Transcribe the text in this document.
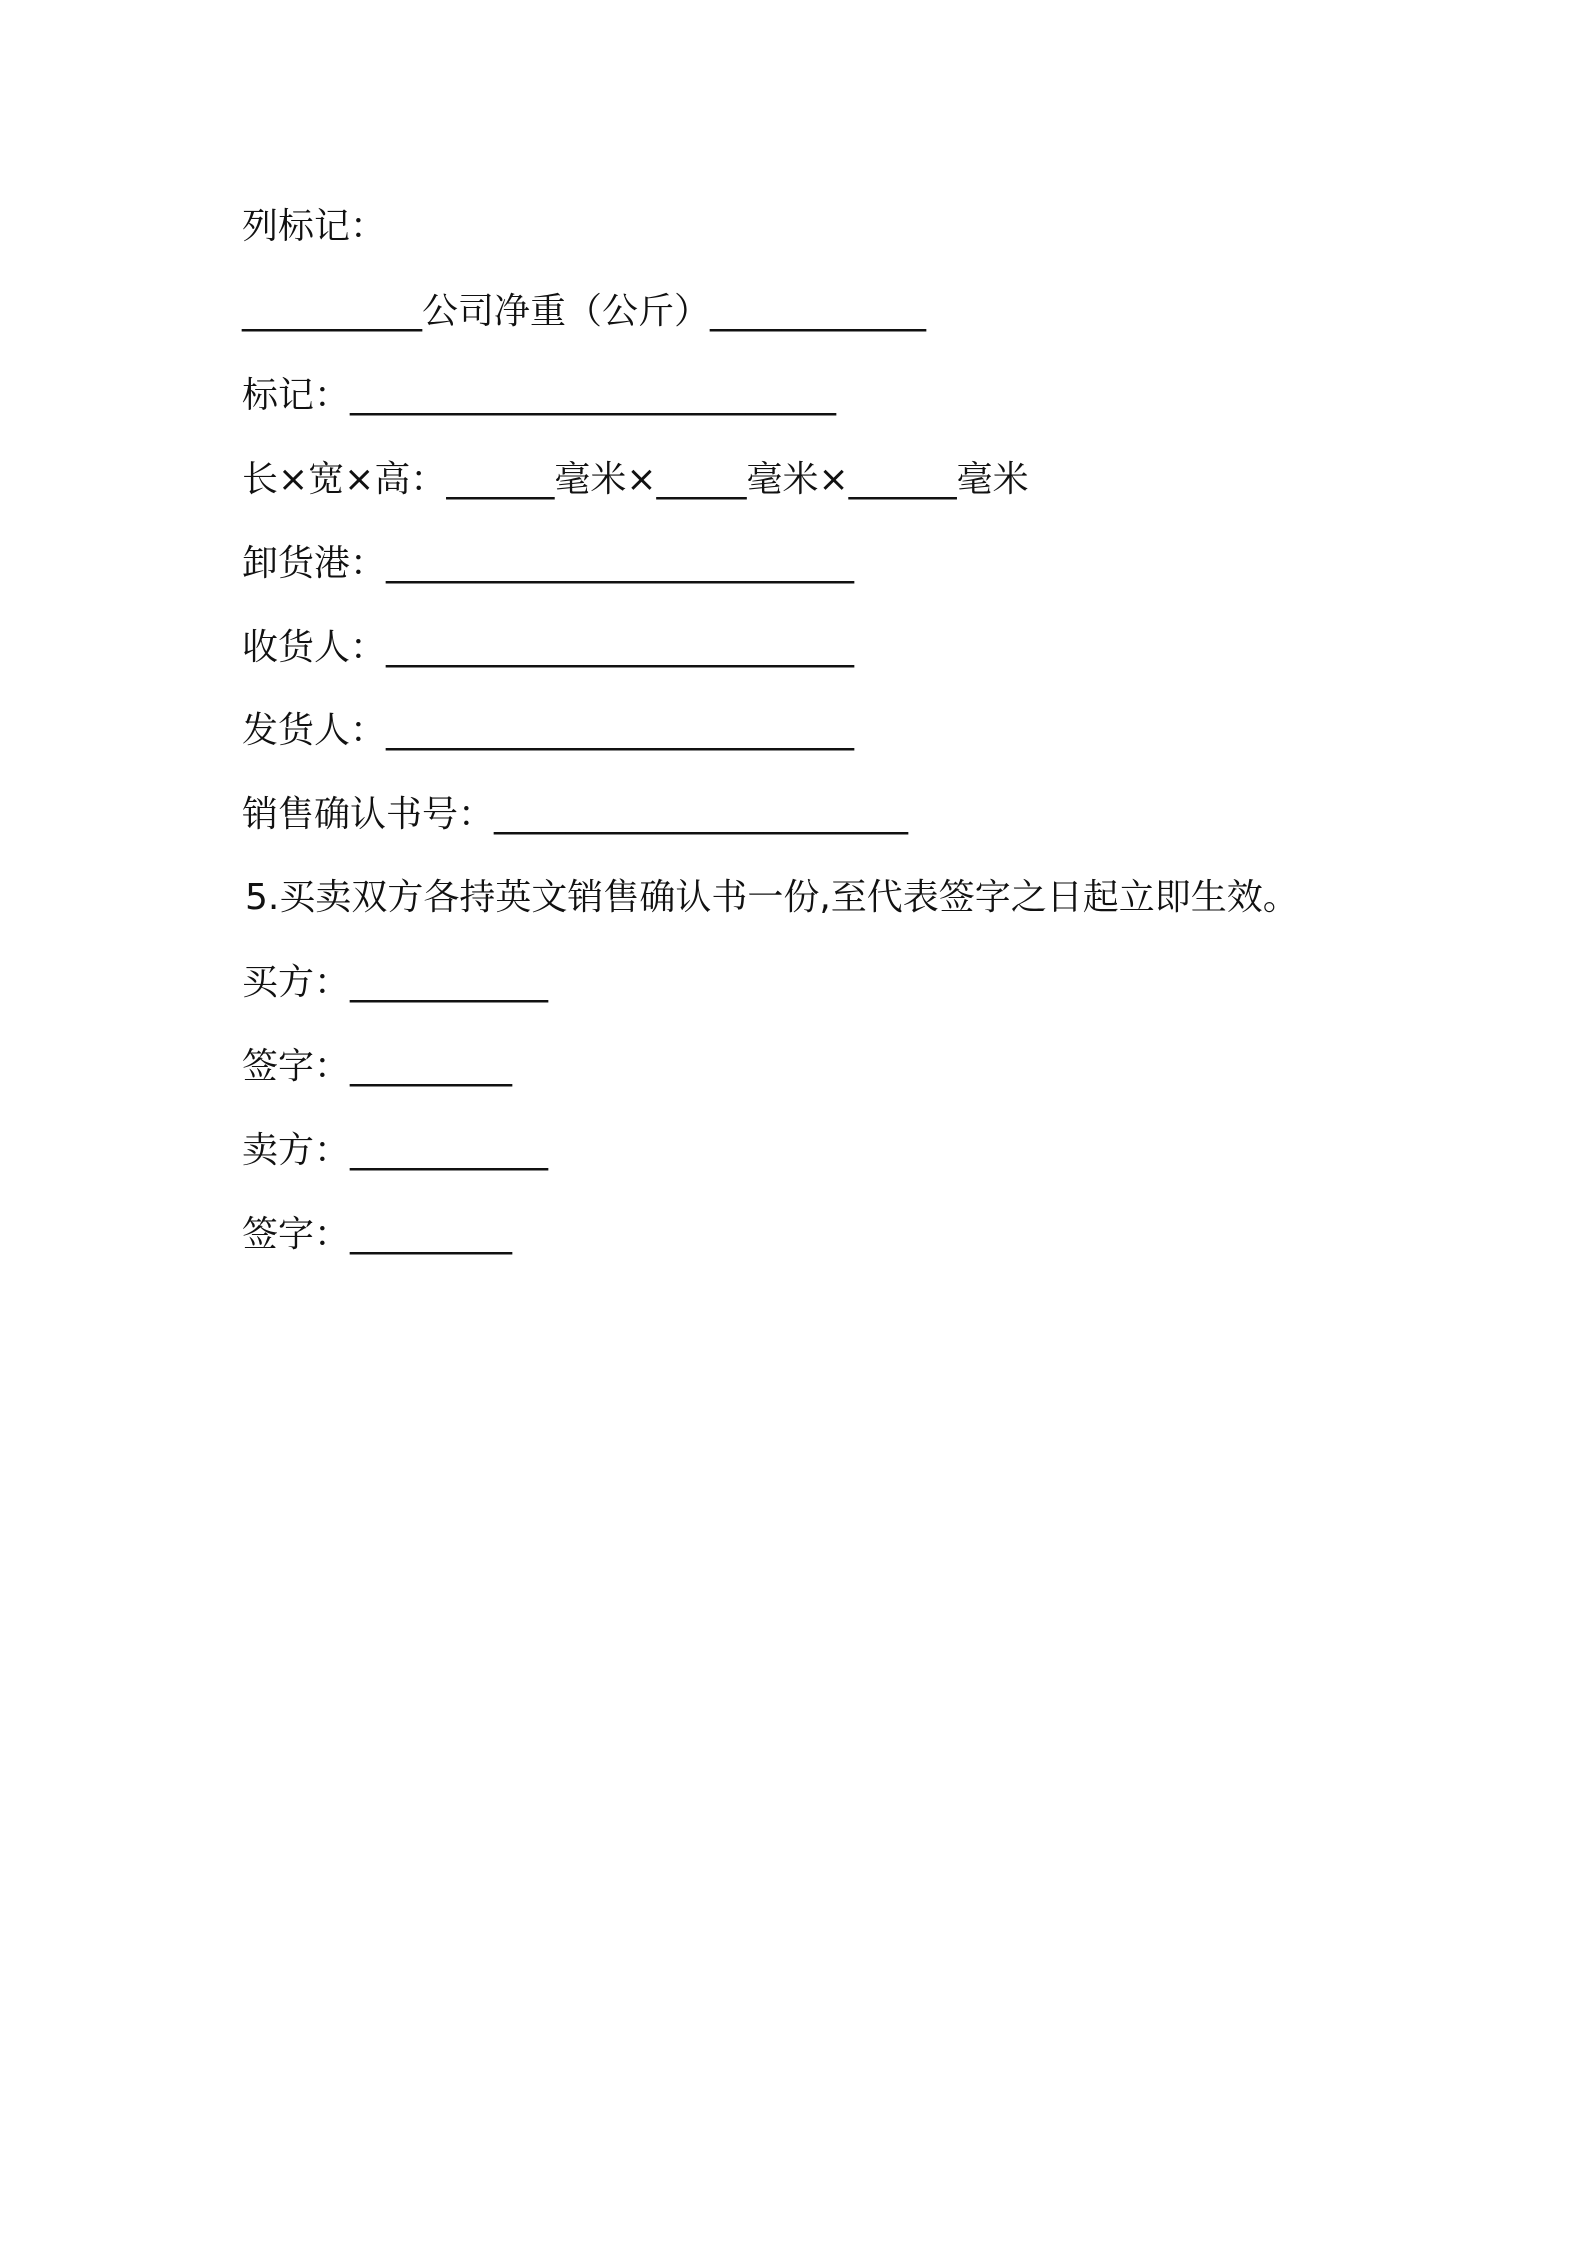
列标记：
__________公司净重（公斤）____________
标记：___________________________
长×宽×高：______毫米×_____毫米×______毫米
卸货港：__________________________
收货人：__________________________
发货人：__________________________
销售确认书号：_______________________
5.买卖双方各持英文销售确认书一份,至代表签字之日起立即生效。
买方：___________
签字：_________
卖方：___________
签字：_________
